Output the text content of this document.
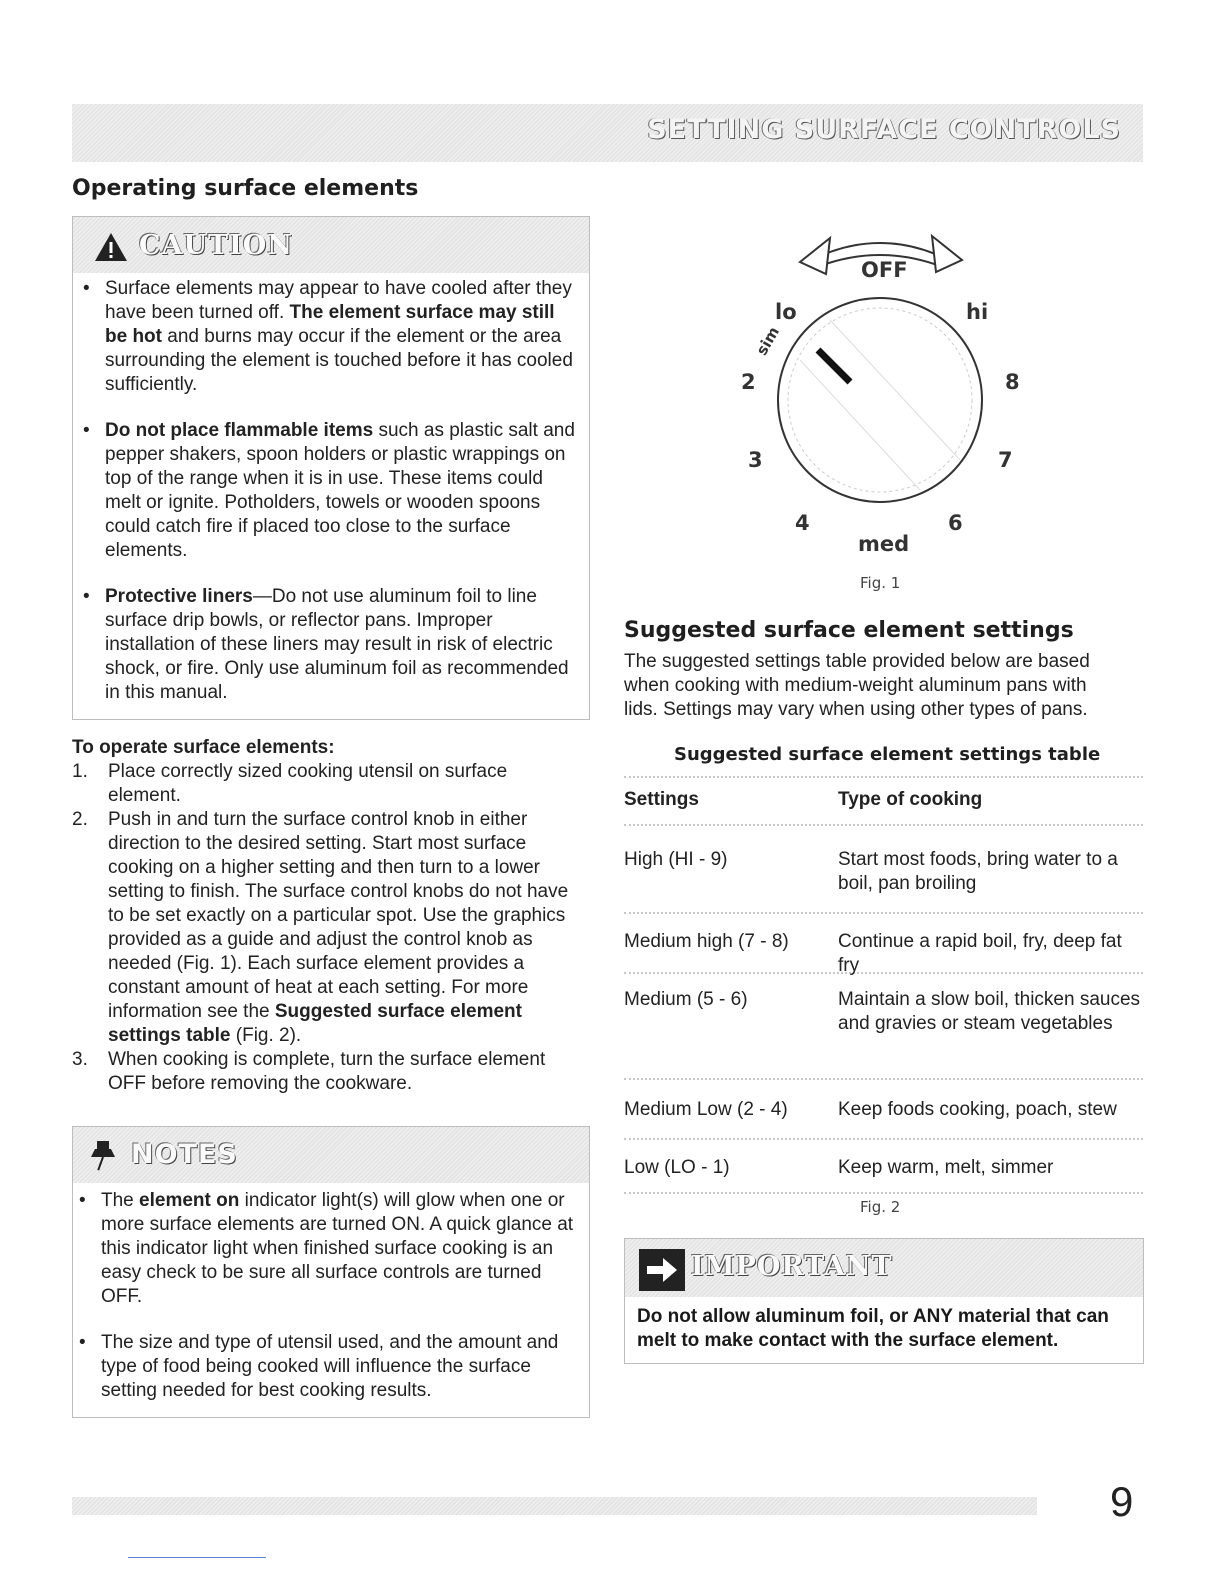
SETTING SURFACE CONTROLS
Operating surface elements
CAUTION
• Surface elements may appear to have cooled after they have been turned off. The element surface may still be hot and burns may occur if the element or the area surrounding the element is touched before it has cooled sufficiently.
• Do not place flammable items such as plastic salt and pepper shakers, spoon holders or plastic wrappings on top of the range when it is in use. These items could melt or ignite. Potholders, towels or wooden spoons could catch fire if placed too close to the surface elements.
• Protective liners—Do not use aluminum foil to line surface drip bowls, or reflector pans. Improper installation of these liners may result in risk of electric shock, or fire. Only use aluminum foil as recommended in this manual.
To operate surface elements:
1. Place correctly sized cooking utensil on surface element.
2. Push in and turn the surface control knob in either direction to the desired setting. Start most surface cooking on a higher setting and then turn to a lower setting to finish. The surface control knobs do not have to be set exactly on a particular spot. Use the graphics provided as a guide and adjust the control knob as needed (Fig. 1). Each surface element provides a constant amount of heat at each setting. For more information see the Suggested surface element settings table (Fig. 2).
3. When cooking is complete, turn the surface element OFF before removing the cookware.
NOTES
• The element on indicator light(s) will glow when one or more surface elements are turned ON. A quick glance at this indicator light when finished surface cooking is an easy check to be sure all surface controls are turned OFF.
• The size and type of utensil used, and the amount and type of food being cooked will influence the surface setting needed for best cooking results.
OFF
lo	hi
sim
2	8
3	7
4	6
med
Fig. 1
Suggested surface element settings
The suggested settings table provided below are based when cooking with medium-weight aluminum pans with lids. Settings may vary when using other types of pans.
Suggested surface element settings table
Settings	Type of cooking
High (HI - 9)	Start most foods, bring water to a boil, pan broiling
Medium high (7 - 8)	Continue a rapid boil, fry, deep fat fry
Medium (5 - 6)	Maintain a slow boil, thicken sauces and gravies or steam vegetables
Medium Low (2 - 4)	Keep foods cooking, poach, stew
Low (LO - 1)	Keep warm, melt, simmer
Fig. 2
IMPORTANT
Do not allow aluminum foil, or ANY material that can melt to make contact with the surface element.
9
